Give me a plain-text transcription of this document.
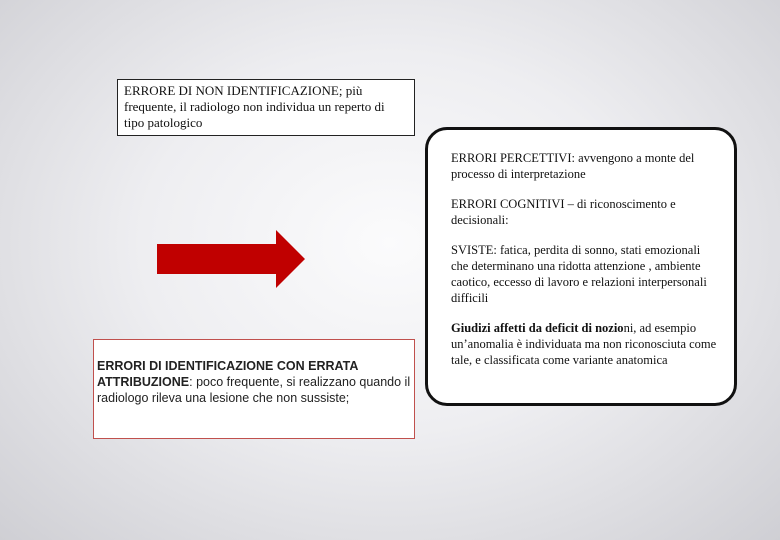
ERRORE DI NON IDENTIFICAZIONE; più frequente, il radiologo non individua un reperto di tipo patologico
ERRORI DI IDENTIFICAZIONE CON ERRATA ATTRIBUZIONE: poco frequente, si realizzano quando il radiologo rileva una lesione che non sussiste;

ERRORI PERCETTIVI: avvengono a monte del processo di interpretazione

ERRORI COGNITIVI – di riconoscimento e decisionali:

SVISTE: fatica, perdita di sonno, stati emozionali che determinano una ridotta attenzione , ambiente caotico, eccesso di lavoro e relazioni interpersonali difficili

Giudizi affetti da deficit di nozioni, ad esempio un’anomalia è individuata ma non riconosciuta come tale, e classificata come variante anatomica
